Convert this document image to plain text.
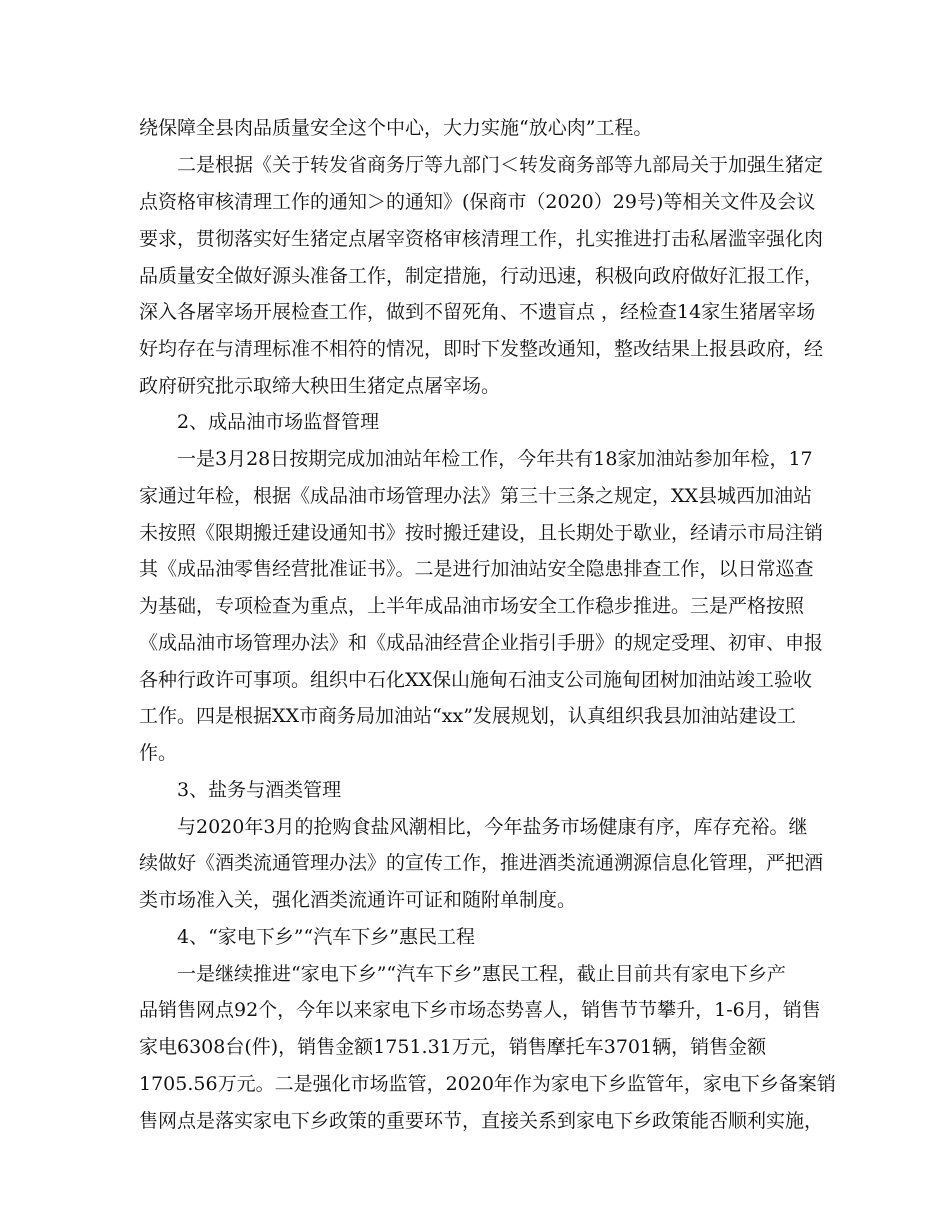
绕保障全县肉品质量安全这个中心，大力实施“放心肉”工程。
二是根据《关于转发省商务厅等九部门＜转发商务部等九部局关于加强生猪定
点资格审核清理工作的通知＞的通知》(保商市（2020）29号)等相关文件及会议
要求，贯彻落实好生猪定点屠宰资格审核清理工作，扎实推进打击私屠滥宰强化肉
品质量安全做好源头准备工作，制定措施，行动迅速，积极向政府做好汇报工作，
深入各屠宰场开展检查工作，做到不留死角、不遗盲点 ，经检查14家生猪屠宰场
好均存在与清理标准不相符的情况，即时下发整改通知，整改结果上报县政府，经
政府研究批示取缔大秧田生猪定点屠宰场。
2、成品油市场监督管理
一是3月28日按期完成加油站年检工作，今年共有18家加油站参加年检，17
家通过年检，根据《成品油市场管理办法》第三十三条之规定，XX县城西加油站
未按照《限期搬迁建设通知书》按时搬迁建设，且长期处于歇业，经请示市局注销
其《成品油零售经营批准证书》。二是进行加油站安全隐患排查工作，以日常巡查
为基础，专项检查为重点，上半年成品油市场安全工作稳步推进。三是严格按照
《成品油市场管理办法》和《成品油经营企业指引手册》的规定受理、初审、申报
各种行政许可事项。组织中石化XX保山施甸石油支公司施甸团树加油站竣工验收
工作。四是根据XX市商务局加油站“xx”发展规划，认真组织我县加油站建设工
作。
3、盐务与酒类管理
与2020年3月的抢购食盐风潮相比，今年盐务市场健康有序，库存充裕。继
续做好《酒类流通管理办法》的宣传工作，推进酒类流通溯源信息化管理，严把酒
类市场准入关，强化酒类流通许可证和随附单制度。
4、“家电下乡”“汽车下乡”惠民工程
一是继续推进“家电下乡”“汽车下乡”惠民工程，截止目前共有家电下乡产
品销售网点92个，今年以来家电下乡市场态势喜人，销售节节攀升，1-6月，销售
家电6308台(件)，销售金额1751.31万元，销售摩托车3701辆，销售金额
1705.56万元。二是强化市场监管，2020年作为家电下乡监管年，家电下乡备案销
售网点是落实家电下乡政策的重要环节，直接关系到家电下乡政策能否顺利实施，
